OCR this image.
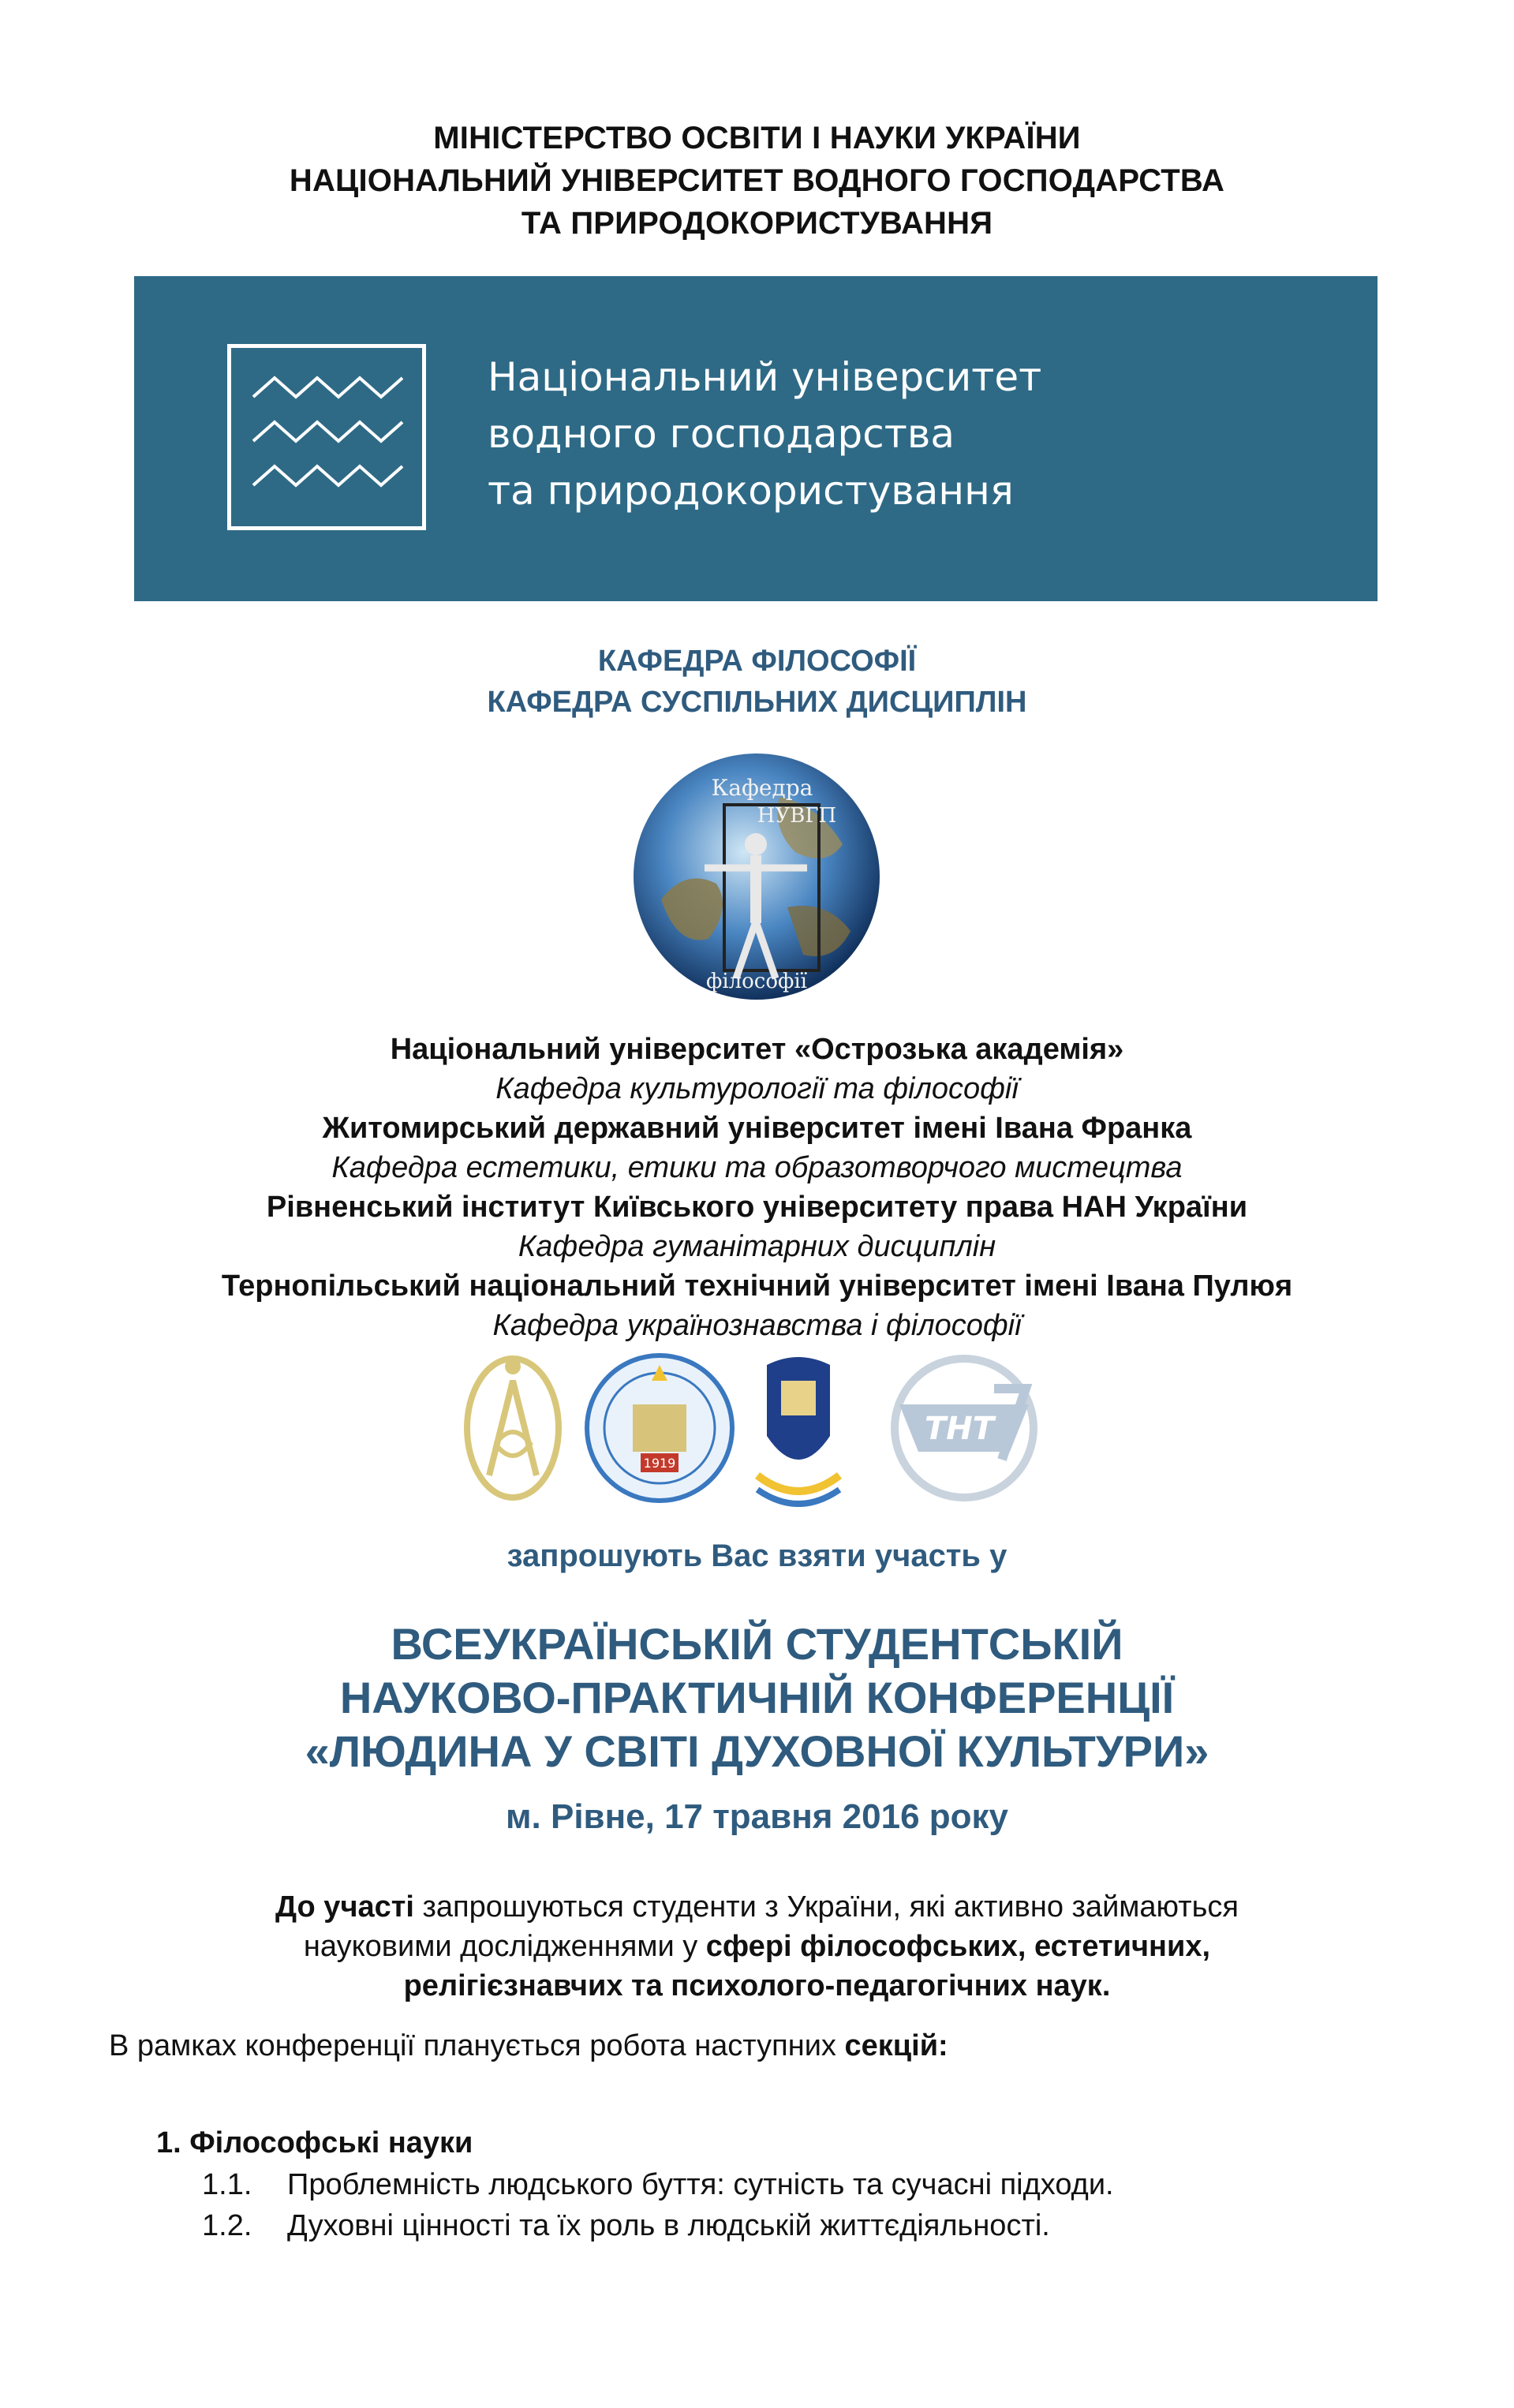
МІНІСТЕРСТВО ОСВІТИ І НАУКИ УКРАЇНИ
НАЦІОНАЛЬНИЙ УНІВЕРСИТЕТ ВОДНОГО ГОСПОДАРСТВА
ТА ПРИРОДОКОРИСТУВАННЯ
Національний університет
водного господарства
та природокористування
КАФЕДРА ФІЛОСОФІЇ
КАФЕДРА СУСПІЛЬНИХ ДИСЦИПЛІН
Кафедра
НУВГП
філософії
Національний університет «Острозька академія»
Кафедра культурології та філософії
Житомирський державний університет імені Івана Франка
Кафедра естетики, етики та образотворчого мистецтва
Рівненський інститут Київського університету права НАН України
Кафедра гуманітарних дисциплін
Тернопільський національний технічний університет імені Івана Пулюя
Кафедра українознавства і філософії
1919
ТНТ
запрошують Вас взяти участь у
ВСЕУКРАЇНСЬКІЙ СТУДЕНТСЬКІЙ
НАУКОВО-ПРАКТИЧНІЙ КОНФЕРЕНЦІЇ
«ЛЮДИНА У СВІТІ ДУХОВНОЇ КУЛЬТУРИ»
м. Рівне, 17 травня 2016 року
До участі запрошуються студенти з України, які активно займаються
науковими дослідженнями у сфері філософських, естетичних,
релігієзнавчих та психолого-педагогічних наук.
В рамках конференції планується робота наступних секцій:
1. Філософські науки
1.1. Проблемність людського буття: сутність та сучасні підходи.
1.2. Духовні цінності та їх роль в людській життєдіяльності.
